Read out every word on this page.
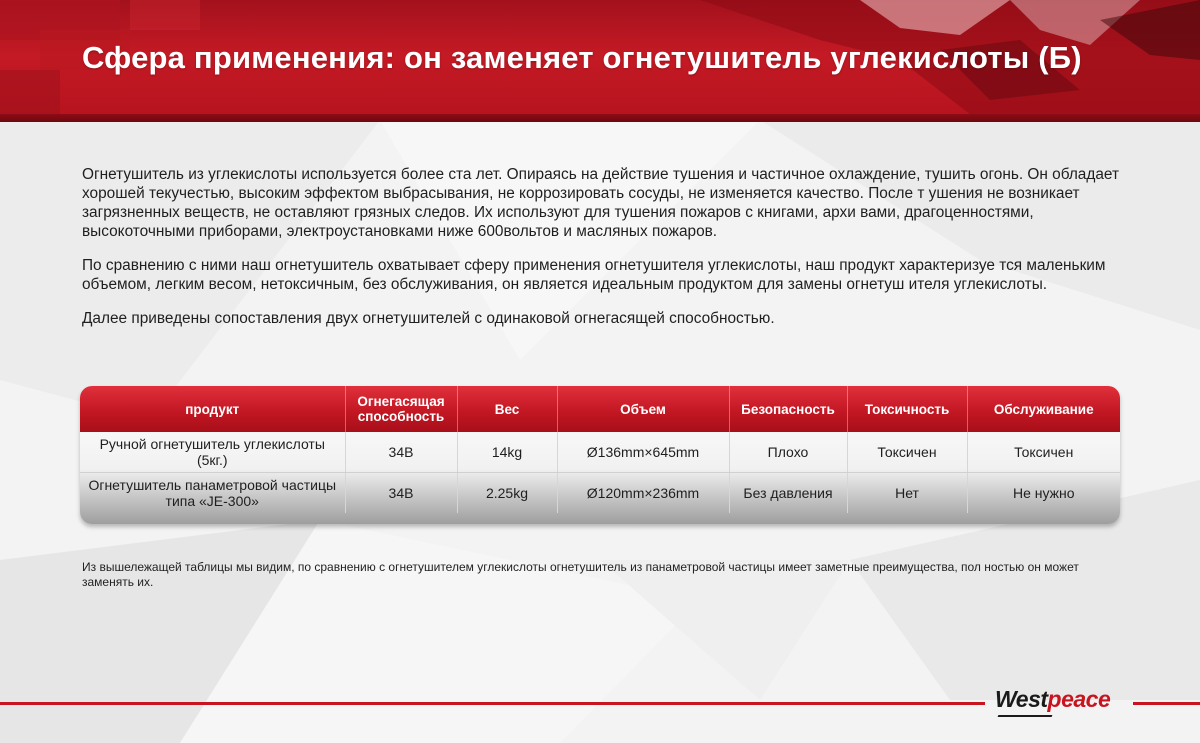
Сфера применения: он заменяет огнетушитель углекислоты (Б)

Огнетушитель из углекислоты используется более ста лет. Опираясь на действие тушения и частичное охлаждение, тушить огонь. Он обладает хорошей текучестью, высоким эффектом выбрасывания, не коррозировать сосуды, не изменяется качество. После т ушения не возникает загрязненных веществ, не оставляют грязных следов. Их используют для тушения пожаров с книгами, архи вами, драгоценностями, высокоточными приборами, электроустановками ниже 600вольтов и масляных пожаров.

По сравнению с ними наш огнетушитель охватывает сферу применения огнетушителя углекислоты, наш продукт характеризуе тся маленьким объемом, легким весом, нетоксичным, без обслуживания, он является идеальным продуктом для замены огнетуш ителя углекислоты.

Далее приведены сопоставления двух огнетушителей с одинаковой огнегасящей способностью.

продукт	Огнегасящая способность	Вес	Объем	Безопасность	Токсичность	Обслуживание
Ручной огнетушитель углекислоты (5кг.)	34B	14kg	Ø136mm×645mm	Плохо	Токсичен	Токсичен
Огнетушитель панаметровой частицы типа «JE-300»	34B	2.25kg	Ø120mm×236mm	Без давления	Нет	Не нужно

Из вышележащей таблицы мы видим, по сравнению с огнетушителем углекислоты огнетушитель из панаметровой частицы имеет заметные преимущества, пол ностью он может заменять их.

Westpeace
